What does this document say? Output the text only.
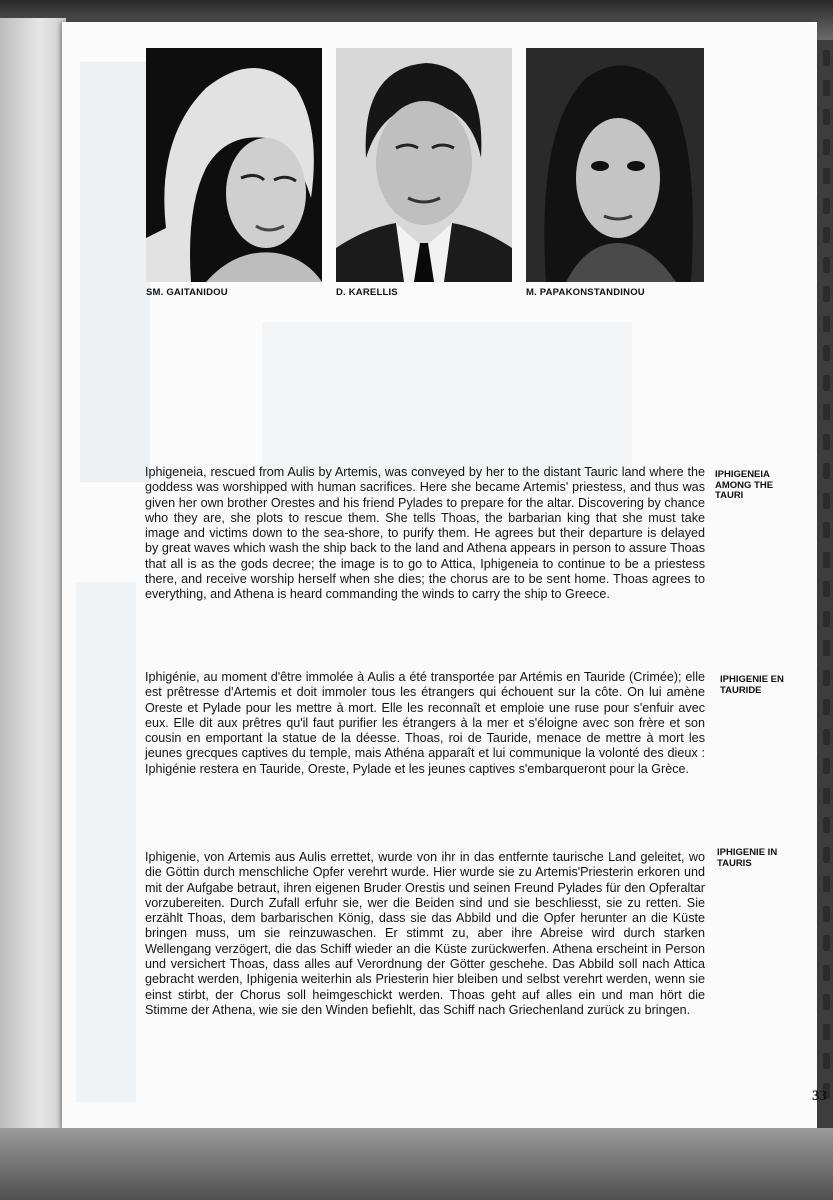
SM. GAITANIDOU	D. KARELLIS	M. PAPAKONSTANDINOU

Iphigeneia, rescued from Aulis by Artemis, was conveyed by her to the distant Tauric land where the goddess was worshipped with human sacrifices. Here she became Artemis' priestess, and thus was given her own brother Orestes and his friend Pylades to prepare for the altar. Discovering by chance who they are, she plots to rescue them. She tells Thoas, the barbarian king that she must take image and victims down to the sea-shore, to purify them. He agrees but their departure is delayed by great waves which wash the ship back to the land and Athena appears in person to assure Thoas that all is as the gods decree; the image is to go to Attica, Iphigeneia to continue to be a priestess there, and receive worship herself when she dies; the chorus are to be sent home. Thoas agrees to everything, and Athena is heard commanding the winds to carry the ship to Greece.

IPHIGENEIA AMONG THE TAURI

Iphigénie, au moment d'être immolée à Aulis a été transportée par Artémis en Tauride (Crimée); elle est prêtresse d'Artemis et doit immoler tous les étrangers qui échouent sur la côte. On lui amène Oreste et Pylade pour les mettre à mort. Elle les reconnaît et emploie une ruse pour s'enfuir avec eux. Elle dit aux prêtres qu'il faut purifier les étrangers à la mer et s'éloigne avec son frère et son cousin en emportant la statue de la déesse. Thoas, roi de Tauride, menace de mettre à mort les jeunes grecques captives du temple, mais Athéna apparaît et lui communique la volonté des dieux : Iphigénie restera en Tauride, Oreste, Pylade et les jeunes captives s'embarqueront pour la Grèce.

IPHIGENIE EN TAURIDE

Iphigenie, von Artemis aus Aulis errettet, wurde von ihr in das entfernte taurische Land geleitet, wo die Göttin durch menschliche Opfer verehrt wurde. Hier wurde sie zu Artemis'Priesterin erkoren und mit der Aufgabe betraut, ihren eigenen Bruder Orestis und seinen Freund Pylades für den Opferaltar vorzubereiten. Durch Zufall erfuhr sie, wer die Beiden sind und sie beschliesst, sie zu retten. Sie erzählt Thoas, dem barbarischen König, dass sie das Abbild und die Opfer herunter an die Küste bringen muss, um sie reinzuwaschen. Er stimmt zu, aber ihre Abreise wird durch starken Wellengang verzögert, die das Schiff wieder an die Küste zurückwerfen. Athena erscheint in Person und versichert Thoas, dass alles auf Verordnung der Götter geschehe. Das Abbild soll nach Attica gebracht werden, Iphigenia weiterhin als Priesterin hier bleiben und selbst verehrt werden, wenn sie einst stirbt, der Chorus soll heimgeschickt werden. Thoas geht auf alles ein und man hört die Stimme der Athena, wie sie den Winden befiehlt, das Schiff nach Griechenland zurück zu bringen.

IPHIGENIE IN TAURIS
33
